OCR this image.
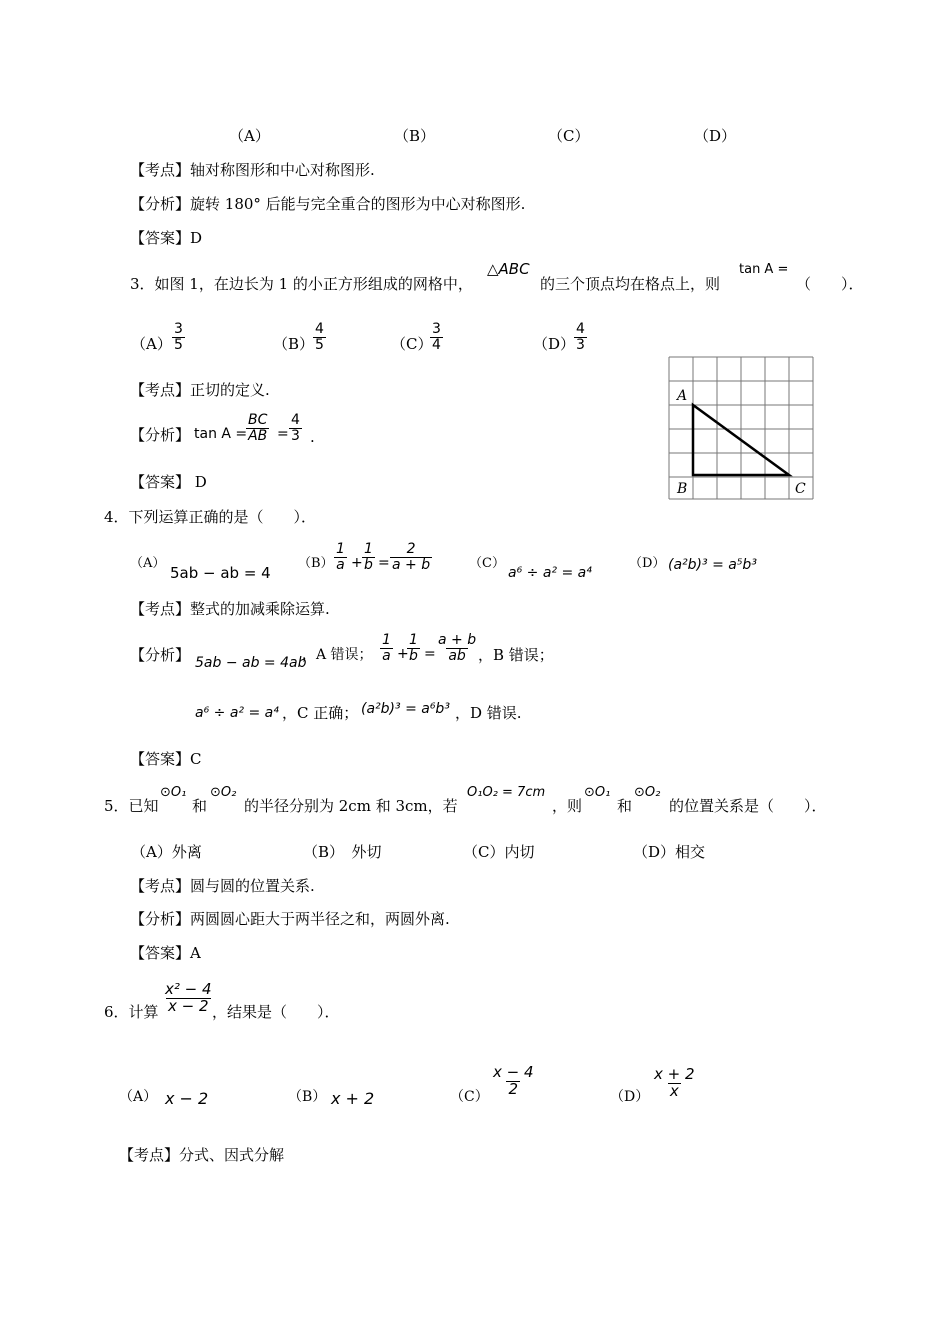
（A）	（B）	（C）	（D）
【考点】轴对称图形和中心对称图形.
【分析】旋转 180° 后能与完全重合的图形为中心对称图形.
【答案】D
3．如图 1，在边长为 1 的小正方形组成的网格中，
△ABC
的三个顶点均在格点上，则
tan A =
（　　）．
$(A) \frac{3}{5}$	（B）
$\frac{4}{5}$	（C）
$\frac{3}{4}$	（D）
$\frac{4}{3}$
【考点】正切的定义.
【分析】 tan A =
$\frac{BC}{AB} = \frac{4}{3}$ .
【答案】 D
A
B	C
4．下列运算正确的是（　　）．
（A）
5ab − ab = 4
$(B) \frac{1}{a} + \frac{1}{b} = \frac{2}{a + b}$	（C）
a⁶ ÷ a² = a⁴
（D） (a²b)³ = a⁵b³
【考点】整式的加减乘除运算.
【分析】 5ab − ab = 4ab
，A 错误； $\frac{1}{a}$ +
$\frac{1}{b} = \frac{a + b}{ab}$ ，B 错误；
a⁶ ÷ a² = a⁴ ，C 正确； (a²b)³ = a⁶b³ ，D 错误.
【答案】C
5．已知
⊙O₁
和
⊙O₂
的半径分别为 2cm 和 3cm，若
O₁O₂ = 7cm
，则
⊙O₁
和
⊙O₂
的位置关系是（　　）．
（A）外离	（B）　外切	（C）内切	（D）相交
【考点】圆与圆的位置关系.
【分析】两圆圆心距大于两半径之和，两圆外离.
【答案】A
6．计算 $\frac{\text{x² − 4}}{x - 2}$
，结果是（　　）．
（A） x − 2	（B） x + 2	$(C) \frac{x - 4}{2}$	$(D) \frac{x + 2}{x}$
【考点】分式、因式分解
